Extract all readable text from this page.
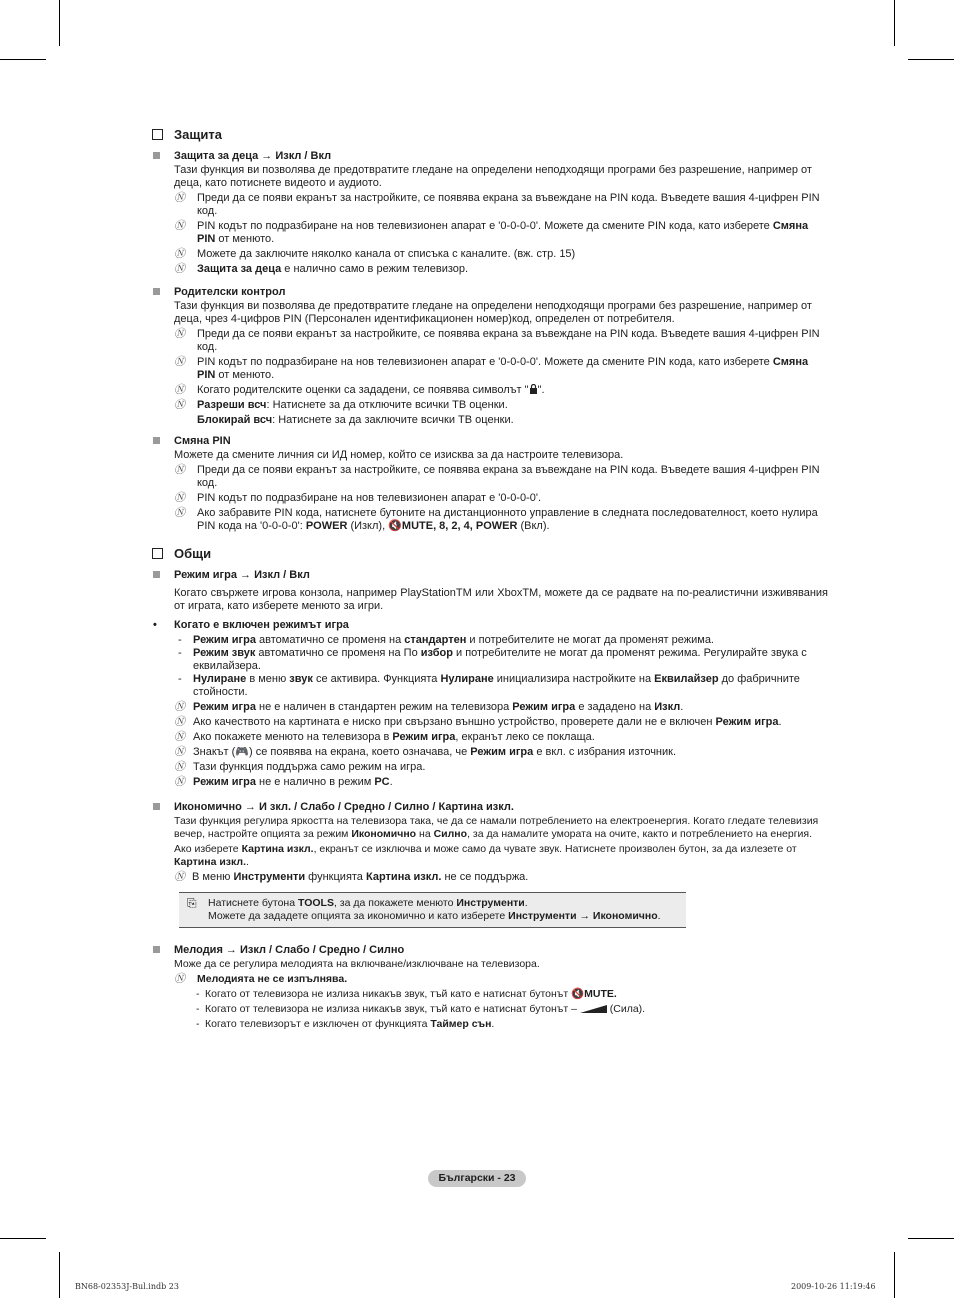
Защита
Защита за деца → Изкл / Вкл
Тази функция ви позволява де предотвратите гледане на определени неподходящи програми без разрешение, например от деца, като потиснете видеото и аудиото.
Ⓝ Преди да се появи екранът за настройките, се появява екрана за въвеждане на PIN кода. Въведете вашия 4-цифрен PIN код.
Ⓝ PIN кодът по подразбиране на нов телевизионен апарат е '0-0-0-0'. Можете да смените PIN кода, като изберете Смяна PIN от менюто.
Ⓝ Можете да заключите няколко канала от списъка с каналите. (вж. стр. 15)
Ⓝ Защита за деца е налично само в режим телевизор.
Родителски контрол
Тази функция ви позволява де предотвратите гледане на определени неподходящи програми без разрешение, например от деца, чрез 4-цифров PIN (Персонален идентификационен номер)код, определен от потребителя.
Ⓝ Преди да се появи екранът за настройките, се появява екрана за въвеждане на PIN кода. Въведете вашия 4-цифрен PIN код.
Ⓝ PIN кодът по подразбиране на нов телевизионен апарат е '0-0-0-0'. Можете да смените PIN кода, като изберете Смяна PIN от менюто.
Ⓝ Когато родителските оценки са зададени, се появява символът " ".
Ⓝ Разреши всч: Натиснете за да отключите всички ТВ оценки.
Блокирай всч: Натиснете за да заключите всички ТВ оценки.
Смяна PIN
Можете да смените личния си ИД номер, който се изисква за да настроите телевизора.
Ⓝ Преди да се появи екранът за настройките, се появява екрана за въвеждане на PIN кода. Въведете вашия 4-цифрен PIN код.
Ⓝ PIN кодът по подразбиране на нов телевизионен апарат е '0-0-0-0'.
Ⓝ Ако забравите PIN кода, натиснете бутоните на дистанционното управление в следната последователност, което нулира PIN кода на '0-0-0-0': POWER (Изкл), 🔇MUTE, 8, 2, 4, POWER (Вкл).
Общи
Режим игра → Изкл / Вкл
Когато свържете игрова конзола, например PlayStationTM или XboxTM, можете да се радвате на по-реалистични изживявания от играта, като изберете менюто за игри.
• Когато е включен режимът игра
- Режим игра автоматично се променя на стандартен и потребителите не могат да променят режима.
- Режим звук автоматично се променя на По избор и потребителите не могат да променят режима. Регулирайте звука с еквилайзера.
- Нулиране в меню звук се активира. Функцията Нулиране инициализира настройките на Еквилайзер до фабричните стойности.
Ⓝ Режим игра не е наличен в стандартен режим на телевизора Режим игра е зададено на Изкл.
Ⓝ Ако качеството на картината е ниско при свързано външно устройство, проверете дали не е включен Режим игра.
Ⓝ Ако покажете менюто на телевизора в Режим игра, екранът леко се поклаща.
Ⓝ Знакът (🎮) се появява на екрана, което означава, че Режим игра е вкл. с избрания източник.
Ⓝ Тази функция поддържа само режим на игра.
Ⓝ Режим игра не е налично в режим PC.
Икономично → И зкл. / Слабо / Средно / Силно / Картина изкл.
Тази функция регулира яркостта на телевизора така, че да се намали потреблението на електроенергия. Когато гледате телевизия вечер, настройте опцията за режим Икономично на Силно, за да намалите умората на очите, както и потреблението на енергия.
Ако изберете Картина изкл., екранът се изключва и може само да чувате звук. Натиснете произволен бутон, за да излезете от Картина изкл..
Ⓝ В меню Инструменти функцията Картина изкл. не се поддържа.
⎘ Натиснете бутона TOOLS, за да покажете менюто Инструменти.
Можете да зададете опцията за икономично и като изберете Инструменти → Икономично.
Мелодия → Изкл / Слабо / Средно / Силно
Може да се регулира мелодията на включване/изключване на телевизора.
Ⓝ Мелодията не се изпълнява.
- Когато от телевизора не излиза никакъв звук, тъй като е натиснат бутонът 🔇MUTE.
- Когато от телевизора не излиза никакъв звук, тъй като е натиснат бутонът –	(Сила).
- Когато телевизорът е изключен от функцията Таймер сън.
Български - 23
BN68-02353J-Bul.indb 23	2009-10-26 11:19:46
